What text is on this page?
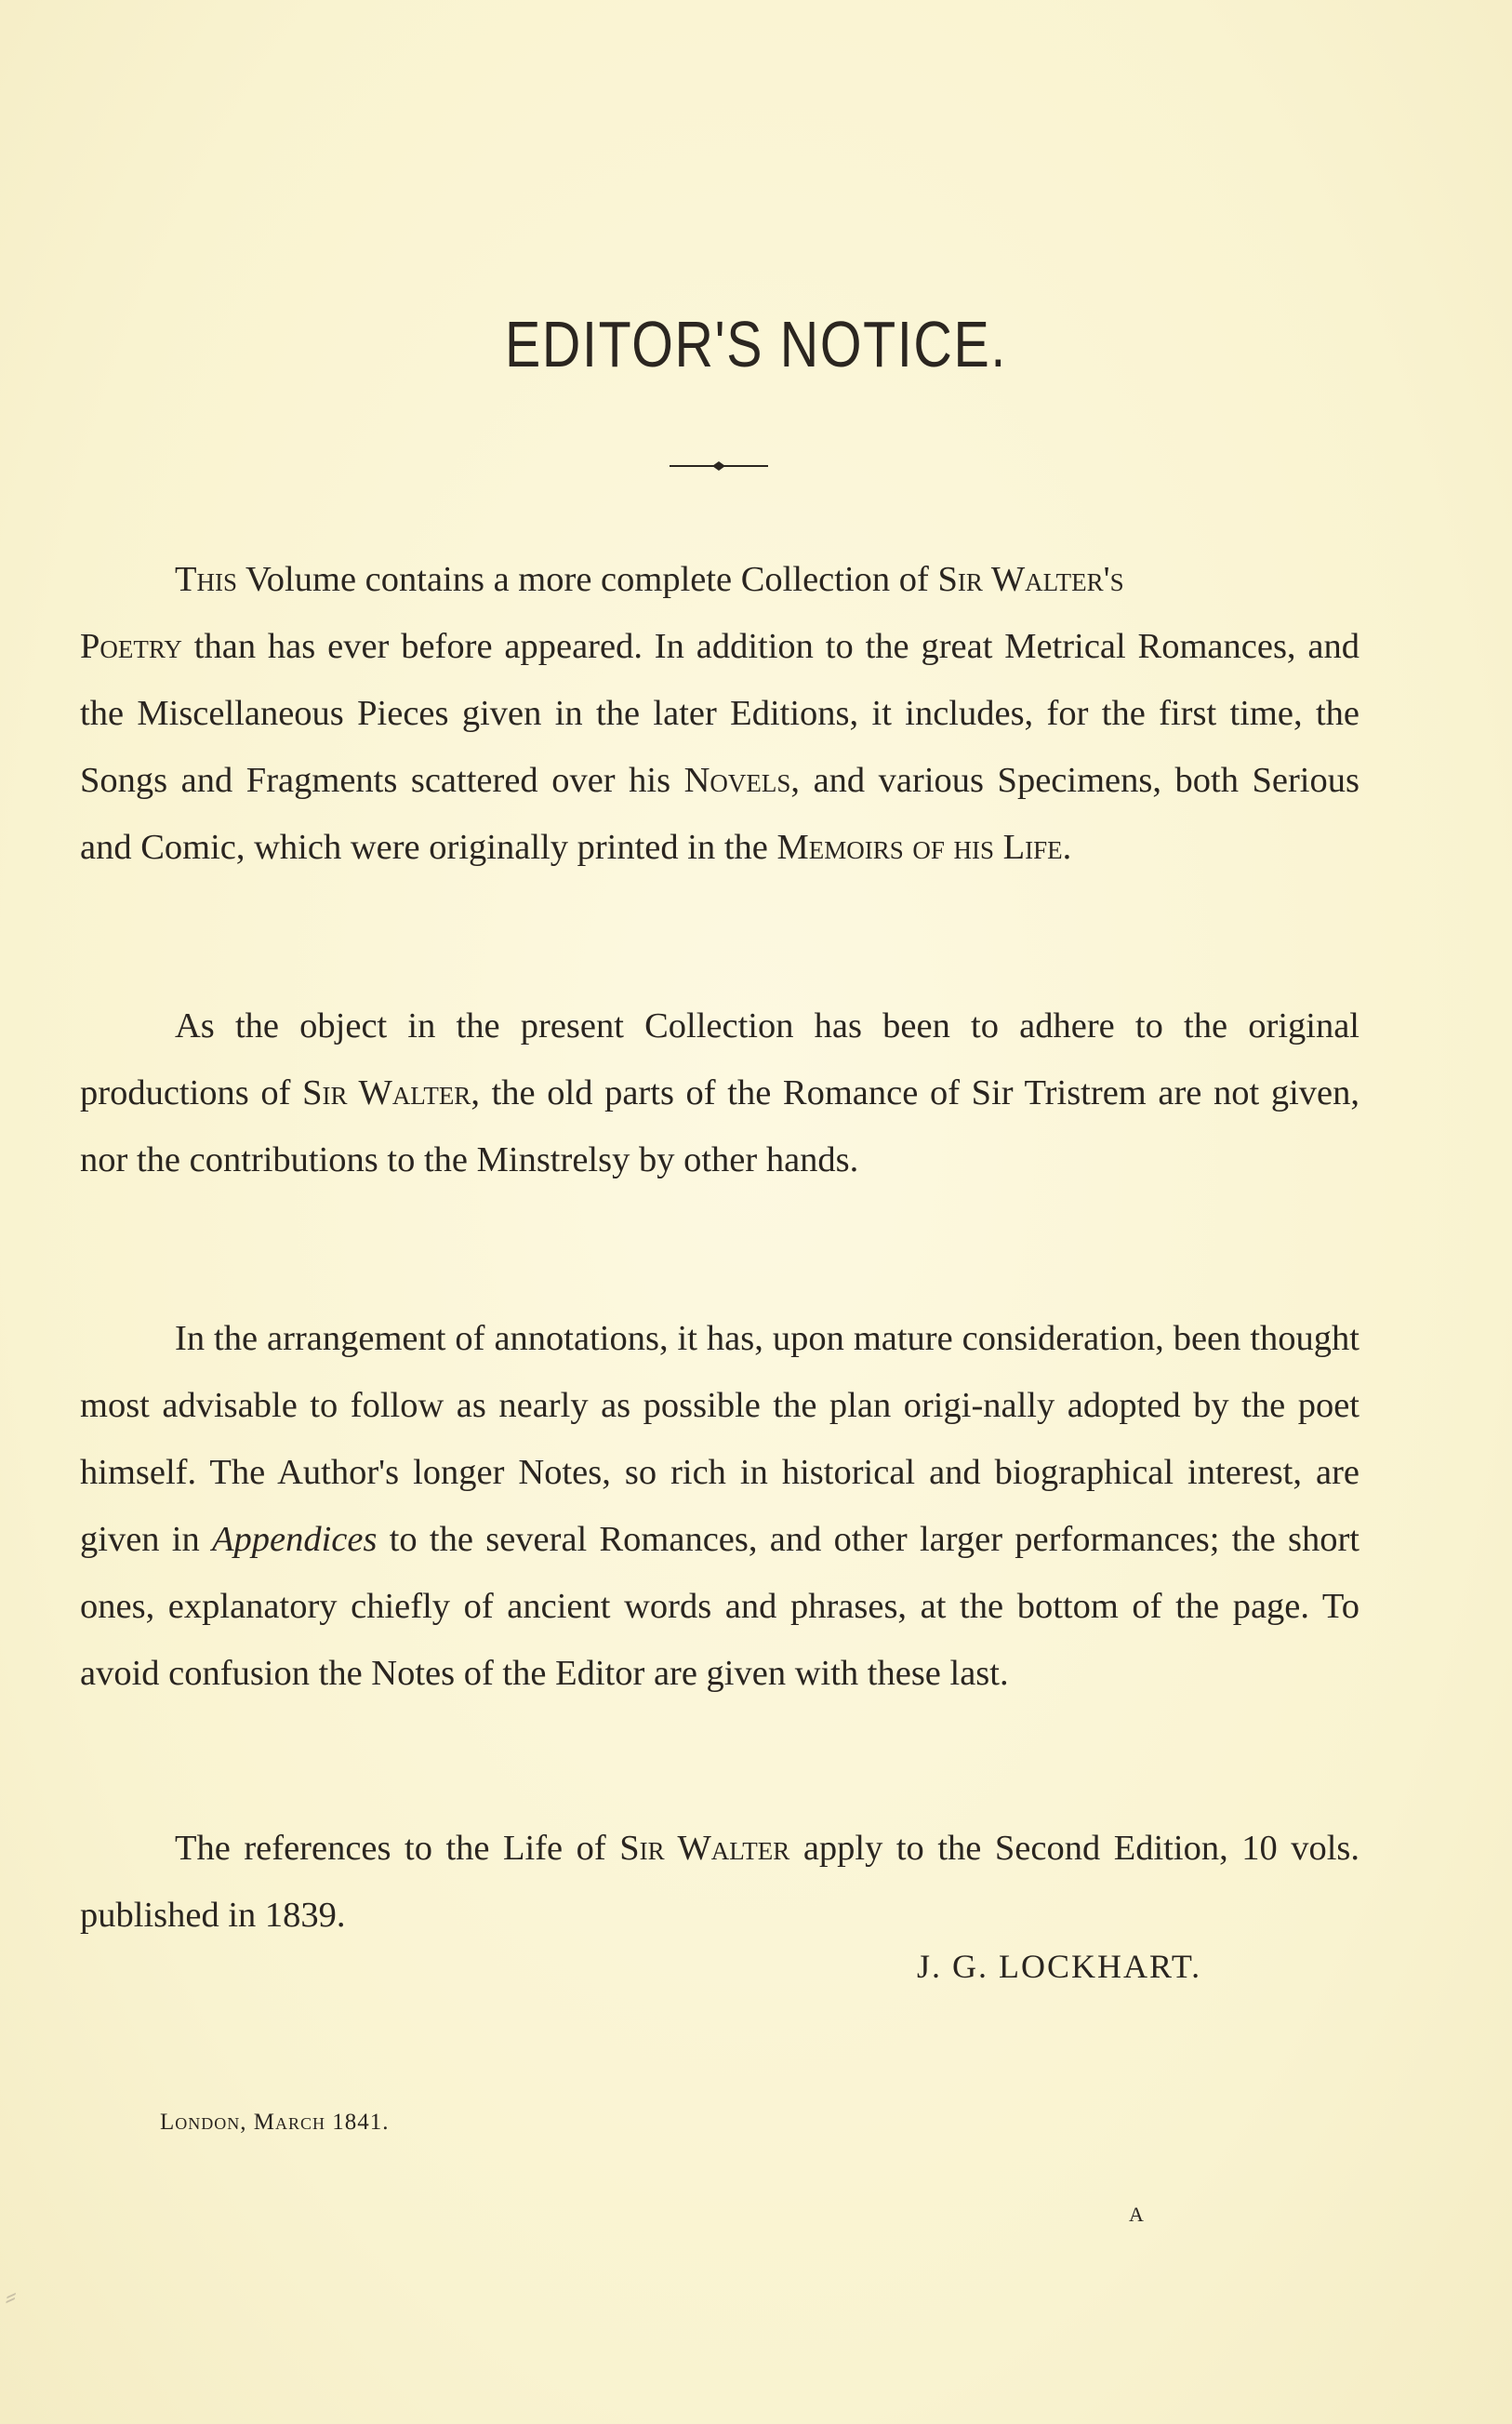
EDITOR'S NOTICE.

This Volume contains a more complete Collection of Sir Walter's
Poetry than has ever before appeared. In addition to the great Metrical Romances, and the Miscellaneous Pieces given in the later Editions, it includes, for the first time, the Songs and Fragments scattered over his Novels, and various Specimens, both Serious and Comic, which were originally printed in the Memoirs of his Life.

As the object in the present Collection has been to adhere to the original productions of Sir Walter, the old parts of the Romance of Sir Tristrem are not given, nor the contributions to the Minstrelsy by other hands.

In the arrangement of annotations, it has, upon mature consideration, been thought most advisable to follow as nearly as possible the plan origi-nally adopted by the poet himself. The Author's longer Notes, so rich in historical and biographical interest, are given in Appendices to the several Romances, and other larger performances; the short ones, explanatory chiefly of ancient words and phrases, at the bottom of the page. To avoid confusion the Notes of the Editor are given with these last.

The references to the Life of Sir Walter apply to the Second Edition, 10 vols. published in 1839.

J. G. LOCKHART.
London, March 1841.
A
⸗
